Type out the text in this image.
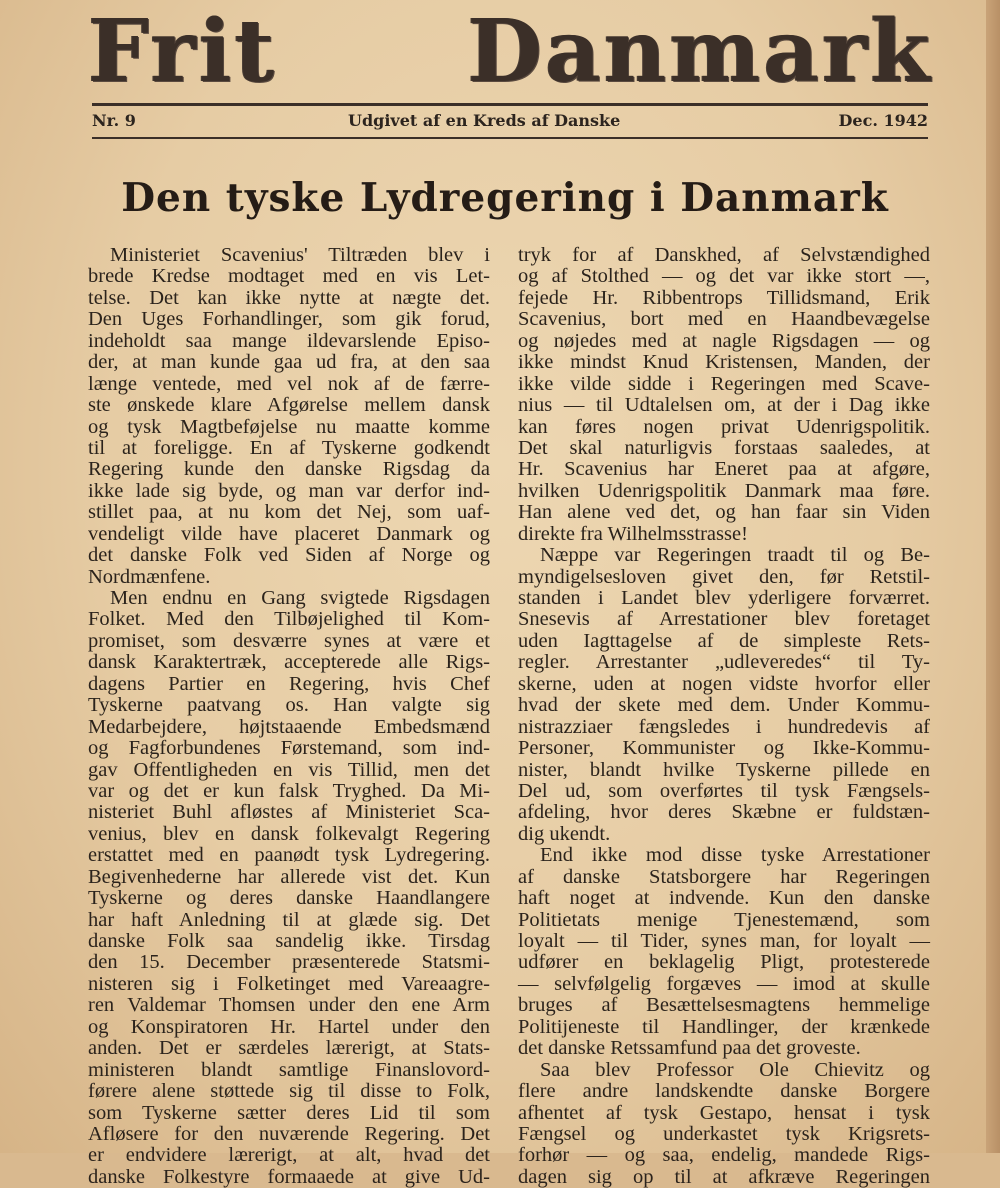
Frit Danmark
Nr. 9	Udgivet af en Kreds af Danske	Dec. 1942
Den tyske Lydregering i Danmark
Ministeriet Scavenius' Tiltræden blev i
brede Kredse modtaget med en vis Let-
telse. Det kan ikke nytte at nægte det.
Den Uges Forhandlinger, som gik forud,
indeholdt saa mange ildevarslende Episo-
der, at man kunde gaa ud fra, at den saa
længe ventede, med vel nok af de færre-
ste ønskede klare Afgørelse mellem dansk
og tysk Magtbeføjelse nu maatte komme
til at foreligge. En af Tyskerne godkendt
Regering kunde den danske Rigsdag da
ikke lade sig byde, og man var derfor ind-
stillet paa, at nu kom det Nej, som uaf-
vendeligt vilde have placeret Danmark og
det danske Folk ved Siden af Norge og
Nordmænfene.
Men endnu en Gang svigtede Rigsdagen
Folket. Med den Tilbøjelighed til Kom-
promiset, som desværre synes at være et
dansk Karaktertræk, accepterede alle Rigs-
dagens Partier en Regering, hvis Chef
Tyskerne paatvang os. Han valgte sig
Medarbejdere, højtstaaende Embedsmænd
og Fagforbundenes Førstemand, som ind-
gav Offentligheden en vis Tillid, men det
var og det er kun falsk Tryghed. Da Mi-
nisteriet Buhl afløstes af Ministeriet Sca-
venius, blev en dansk folkevalgt Regering
erstattet med en paanødt tysk Lydregering.
Begivenhederne har allerede vist det. Kun
Tyskerne og deres danske Haandlangere
har haft Anledning til at glæde sig. Det
danske Folk saa sandelig ikke. Tirsdag
den 15. December præsenterede Statsmi-
nisteren sig i Folketinget med Vareaagre-
ren Valdemar Thomsen under den ene Arm
og Konspiratoren Hr. Hartel under den
anden. Det er særdeles lærerigt, at Stats-
ministeren blandt samtlige Finanslovord-
førere alene støttede sig til disse to Folk,
som Tyskerne sætter deres Lid til som
Afløsere for den nuværende Regering. Det
er endvidere lærerigt, at alt, hvad det
danske Folkestyre formaaede at give Ud-
tryk for af Danskhed, af Selvstændighed
og af Stolthed — og det var ikke stort —,
fejede Hr. Ribbentrops Tillidsmand, Erik
Scavenius, bort med en Haandbevægelse
og nøjedes med at nagle Rigsdagen — og
ikke mindst Knud Kristensen, Manden, der
ikke vilde sidde i Regeringen med Scave-
nius — til Udtalelsen om, at der i Dag ikke
kan føres nogen privat Udenrigspolitik.
Det skal naturligvis forstaas saaledes, at
Hr. Scavenius har Eneret paa at afgøre,
hvilken Udenrigspolitik Danmark maa føre.
Han alene ved det, og han faar sin Viden
direkte fra Wilhelmsstrasse!
Næppe var Regeringen traadt til og Be-
myndigelsesloven givet den, før Retstil-
standen i Landet blev yderligere forværret.
Snesevis af Arrestationer blev foretaget
uden Iagttagelse af de simpleste Rets-
regler. Arrestanter „udleveredes“ til Ty-
skerne, uden at nogen vidste hvorfor eller
hvad der skete med dem. Under Kommu-
nistrazziaer fængsledes i hundredevis af
Personer, Kommunister og Ikke-Kommu-
nister, blandt hvilke Tyskerne pillede en
Del ud, som overførtes til tysk Fængsels-
afdeling, hvor deres Skæbne er fuldstæn-
dig ukendt.
End ikke mod disse tyske Arrestationer
af danske Statsborgere har Regeringen
haft noget at indvende. Kun den danske
Politietats menige Tjenestemænd, som
loyalt — til Tider, synes man, for loyalt —
udfører en beklagelig Pligt, protesterede
— selvfølgelig forgæves — imod at skulle
bruges af Besættelsesmagtens hemmelige
Politijeneste til Handlinger, der krænkede
det danske Retssamfund paa det groveste.
Saa blev Professor Ole Chievitz og
flere andre landskendte danske Borgere
afhentet af tysk Gestapo, hensat i tysk
Fængsel og underkastet tysk Krigsrets-
forhør — og saa, endelig, mandede Rigs-
dagen sig op til at afkræve Regeringen
